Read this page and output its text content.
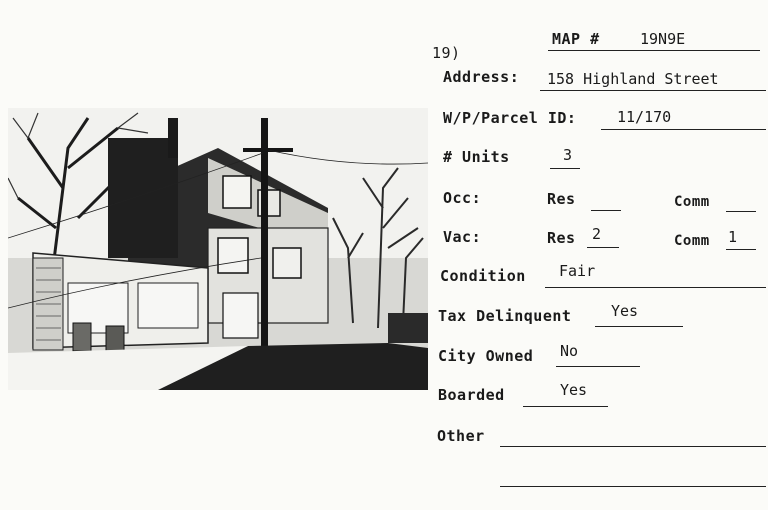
MAP #	19N9E
19)
Address: 158 Highland Street
W/P/Parcel ID:	11/170
# Units	3
Occ:	Res	Comm
Vac:	Res 2	Comm 1
Condition Fair
Tax Delinquent	Yes
City Owned No
Boarded	Yes
Other
